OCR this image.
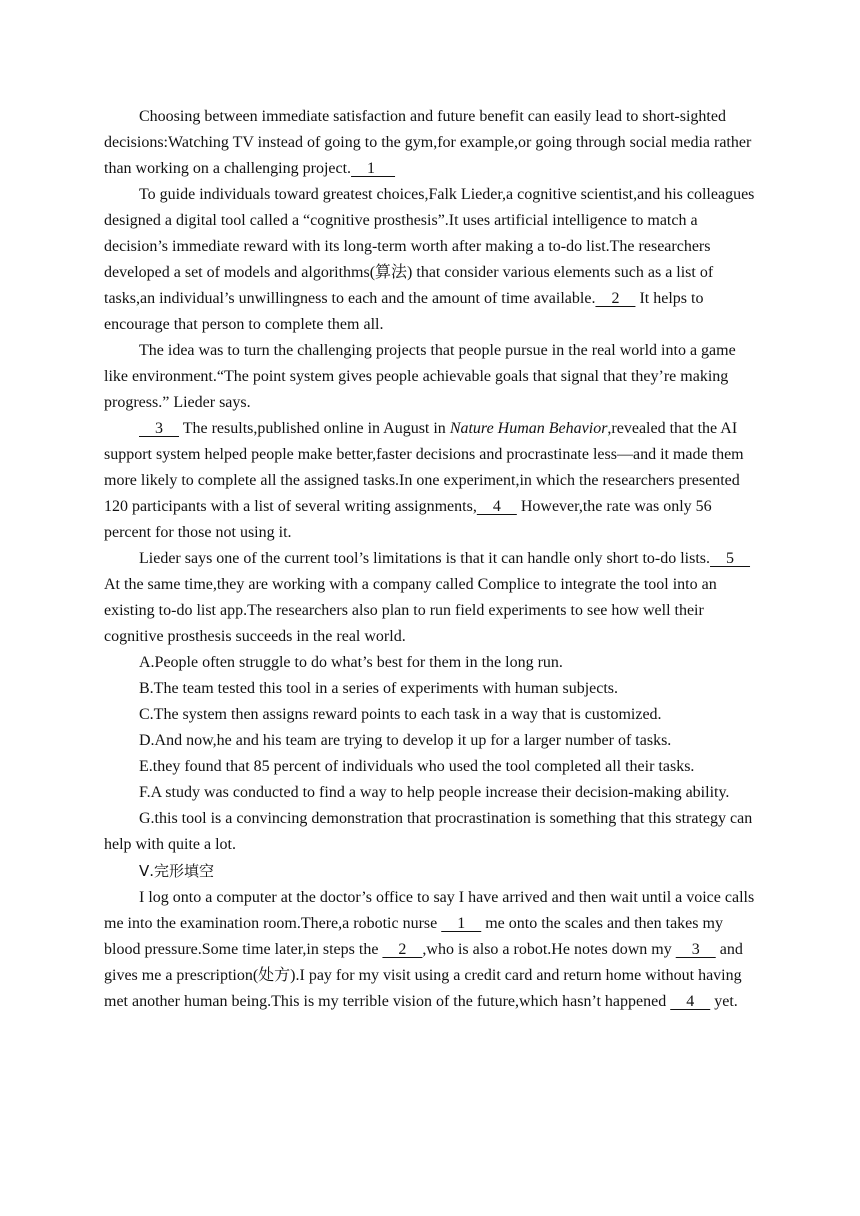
Choosing between immediate satisfaction and future benefit can easily lead to short-sighted decisions:Watching TV instead of going to the gym,for example,or going through social media rather than working on a challenging project.    1

To guide individuals toward greatest choices,Falk Lieder,a cognitive scientist,and his colleagues designed a digital tool called a “cognitive prosthesis”.It uses artificial intelligence to match a decision’s immediate reward with its long-term worth after making a to-do list.The researchers developed a set of models and algorithms(算法) that consider various elements such as a list of tasks,an individual’s unwillingness to each and the amount of time available.    2     It helps to encourage that person to complete them all.

The idea was to turn the challenging projects that people pursue in the real world into a game like environment.“The point system gives people achievable goals that signal that they’re making progress.” Lieder says.

3     The results,published online in August in Nature Human Behavior,revealed that the AI support system helped people make better,faster decisions and procrastinate less—and it made them more likely to complete all the assigned tasks.In one experiment,in which the researchers presented 120 participants with a list of several writing assignments,    4     However,the rate was only 56 percent for those not using it.

Lieder says one of the current tool’s limitations is that it can handle only short to-do lists.    5     At the same time,they are working with a company called Complice to integrate the tool into an existing to-do list app.The researchers also plan to run field experiments to see how well their cognitive prosthesis succeeds in the real world.

A.People often struggle to do what’s best for them in the long run.

B.The team tested this tool in a series of experiments with human subjects.

C.The system then assigns reward points to each task in a way that is customized.

D.And now,he and his team are trying to develop it up for a larger number of tasks.

E.they found that 85 percent of individuals who used the tool completed all their tasks.

F.A study was conducted to find a way to help people increase their decision-making ability.

G.this tool is a convincing demonstration that procrastination is something that this strategy can help with quite a lot.

Ⅴ.完形填空

I log onto a computer at the doctor’s office to say I have arrived and then wait until a voice calls me into the examination room.There,a robotic nurse     1     me onto the scales and then takes my blood pressure.Some time later,in steps the     2    ,who is also a robot.He notes down my     3     and gives me a prescription(处方).I pay for my visit using a credit card and return home without having met another human being.This is my terrible vision of the future,which hasn’t happened     4     yet.
